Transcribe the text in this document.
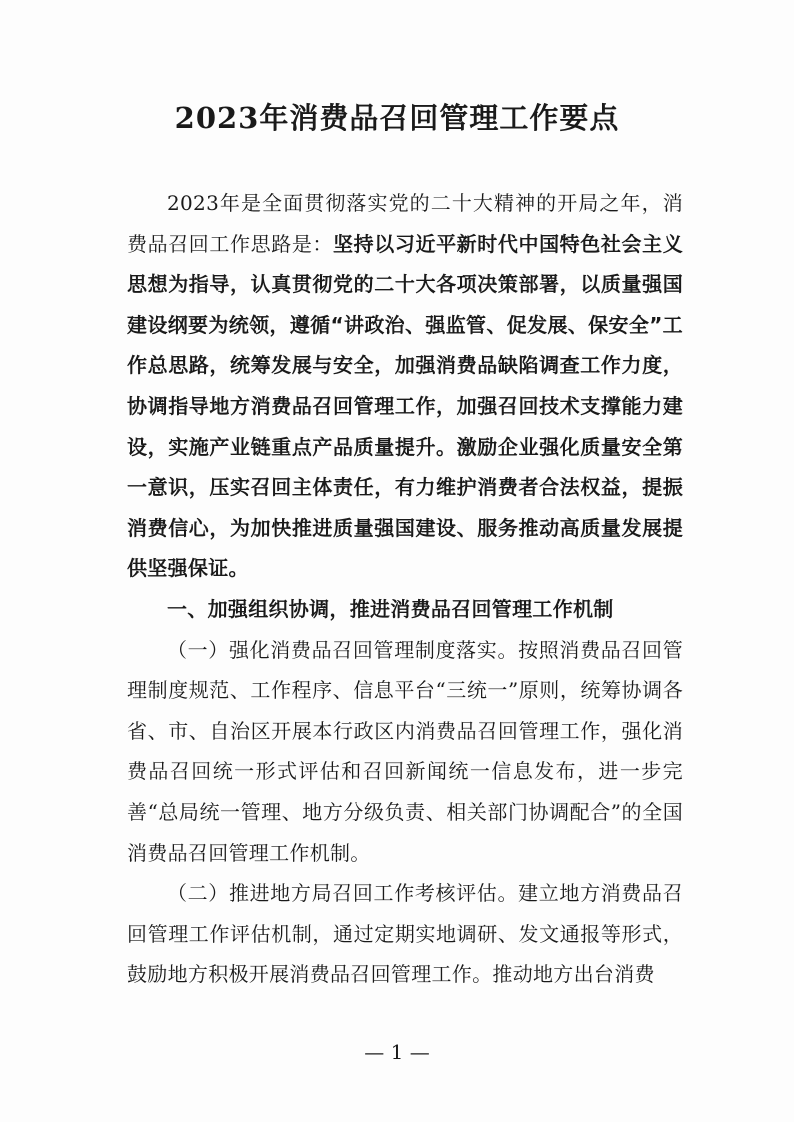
2023年消费品召回管理工作要点

2023年是全面贯彻落实党的二十大精神的开局之年，消费品召回工作思路是：坚持以习近平新时代中国特色社会主义思想为指导，认真贯彻党的二十大各项决策部署，以质量强国建设纲要为统领，遵循“讲政治、强监管、促发展、保安全”工作总思路，统筹发展与安全，加强消费品缺陷调查工作力度，协调指导地方消费品召回管理工作，加强召回技术支撑能力建设，实施产业链重点产品质量提升。激励企业强化质量安全第一意识，压实召回主体责任，有力维护消费者合法权益，提振消费信心，为加快推进质量强国建设、服务推动高质量发展提供坚强保证。

一、加强组织协调，推进消费品召回管理工作机制

（一）强化消费品召回管理制度落实。按照消费品召回管理制度规范、工作程序、信息平台“三统一”原则，统筹协调各省、市、自治区开展本行政区内消费品召回管理工作，强化消费品召回统一形式评估和召回新闻统一信息发布，进一步完善“总局统一管理、地方分级负责、相关部门协调配合”的全国消费品召回管理工作机制。

（二）推进地方局召回工作考核评估。建立地方消费品召回管理工作评估机制，通过定期实地调研、发文通报等形式，鼓励地方积极开展消费品召回管理工作。推动地方出台消费

— 1 —
